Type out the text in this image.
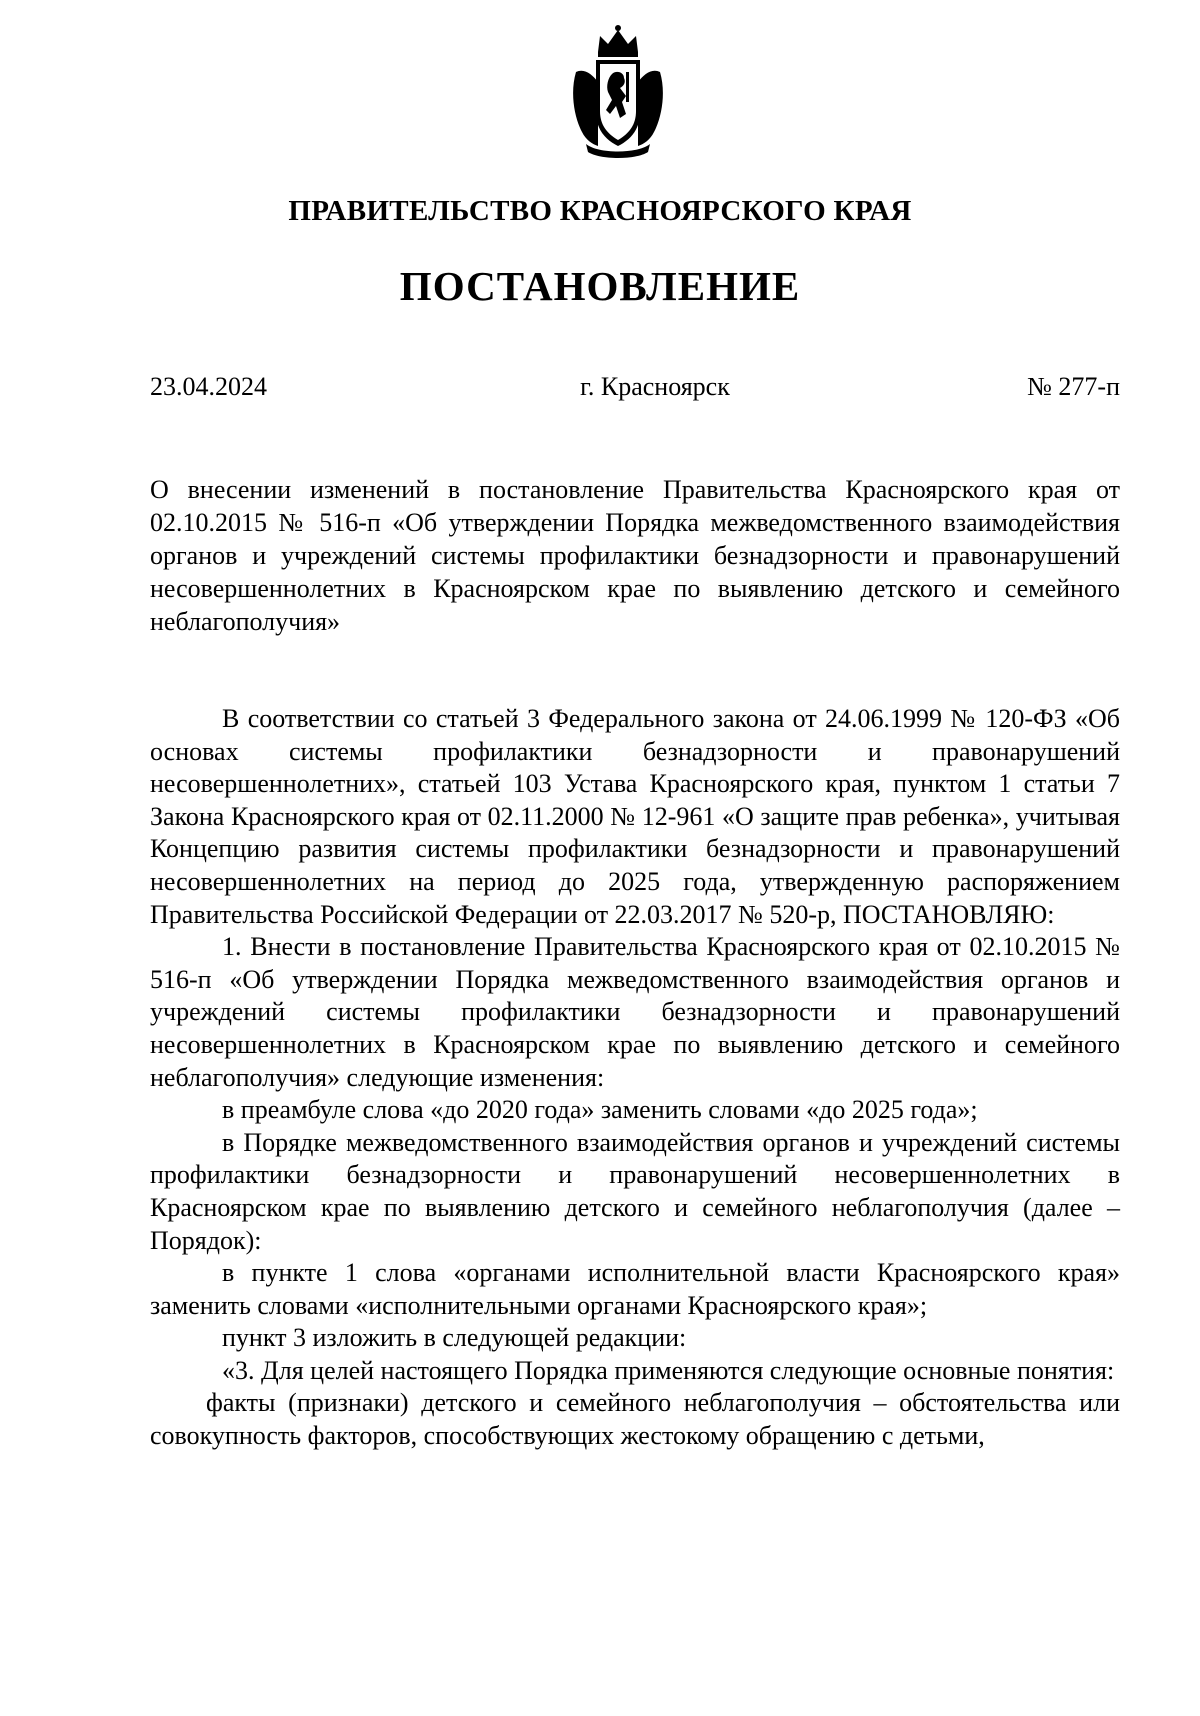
ПРАВИТЕЛЬСТВО КРАСНОЯРСКОГО КРАЯ
ПОСТАНОВЛЕНИЕ
23.04.2024	г. Красноярск	№ 277-п
О внесении изменений в постановление Правительства Красноярского края от 02.10.2015 № 516-п «Об утверждении Порядка межведомственного взаимодействия органов и учреждений системы профилактики безнадзорности и правонарушений несовершеннолетних в Красноярском крае по выявлению детского и семейного неблагополучия»

В соответствии со статьей 3 Федерального закона от 24.06.1999 № 120-ФЗ «Об основах системы профилактики безнадзорности и правонарушений несовершеннолетних», статьей 103 Устава Красноярского края, пунктом 1 статьи 7 Закона Красноярского края от 02.11.2000 № 12-961 «О защите прав ребенка», учитывая Концепцию развития системы профилактики безнадзорности и правонарушений несовершеннолетних на период до 2025 года, утвержденную распоряжением Правительства Российской Федерации от 22.03.2017 № 520-р, ПОСТАНОВЛЯЮ:

1. Внести в постановление Правительства Красноярского края от 02.10.2015 № 516-п «Об утверждении Порядка межведомственного взаимодействия органов и учреждений системы профилактики безнадзорности и правонарушений несовершеннолетних в Красноярском крае по выявлению детского и семейного неблагополучия» следующие изменения:

в преамбуле слова «до 2020 года» заменить словами «до 2025 года»;

в Порядке межведомственного взаимодействия органов и учреждений системы профилактики безнадзорности и правонарушений несовершеннолетних в Красноярском крае по выявлению детского и семейного неблагополучия (далее – Порядок):

в пункте 1 слова «органами исполнительной власти Красноярского края» заменить словами «исполнительными органами Красноярского края»;

пункт 3 изложить в следующей редакции:

«3. Для целей настоящего Порядка применяются следующие основные понятия:

факты (признаки) детского и семейного неблагополучия – обстоятельства или совокупность факторов, способствующих жестокому обращению с детьми,
